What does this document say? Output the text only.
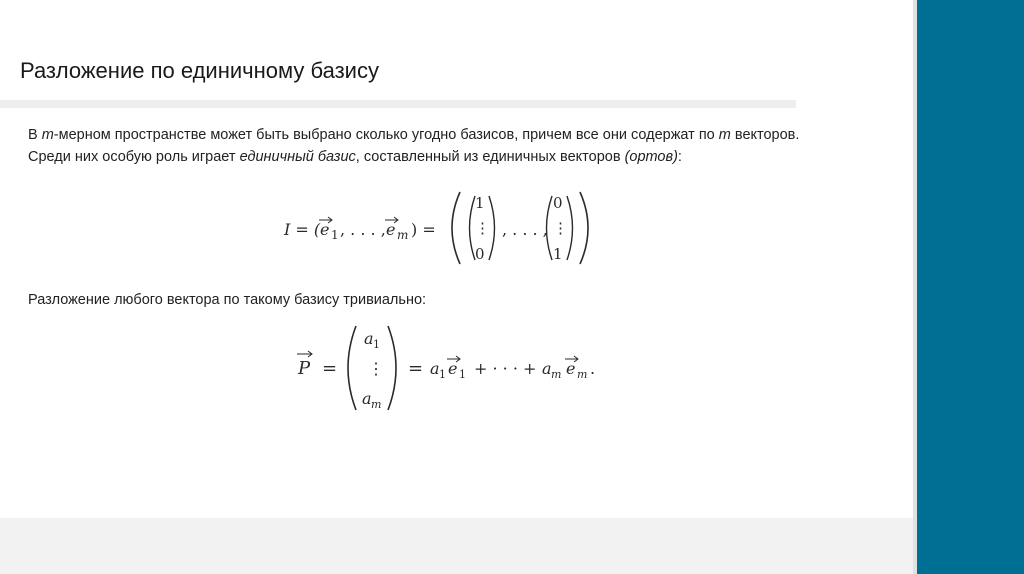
Разложение по единичному базису

В m-мерном пространстве может быть выбрано сколько угодно базисов, причем все они содержат по m векторов.

Среди них особую роль играет единичный базис, составленный из единичных векторов (ортов):

I = ( e 1 , . . . , e m ) =
1
⋮
0
, . . . ,
0
⋮
1

Разложение любого вектора по такому базису тривиально:

P =
a 1
⋮
a m
= a 1 e 1 + · · · + a m e m .
